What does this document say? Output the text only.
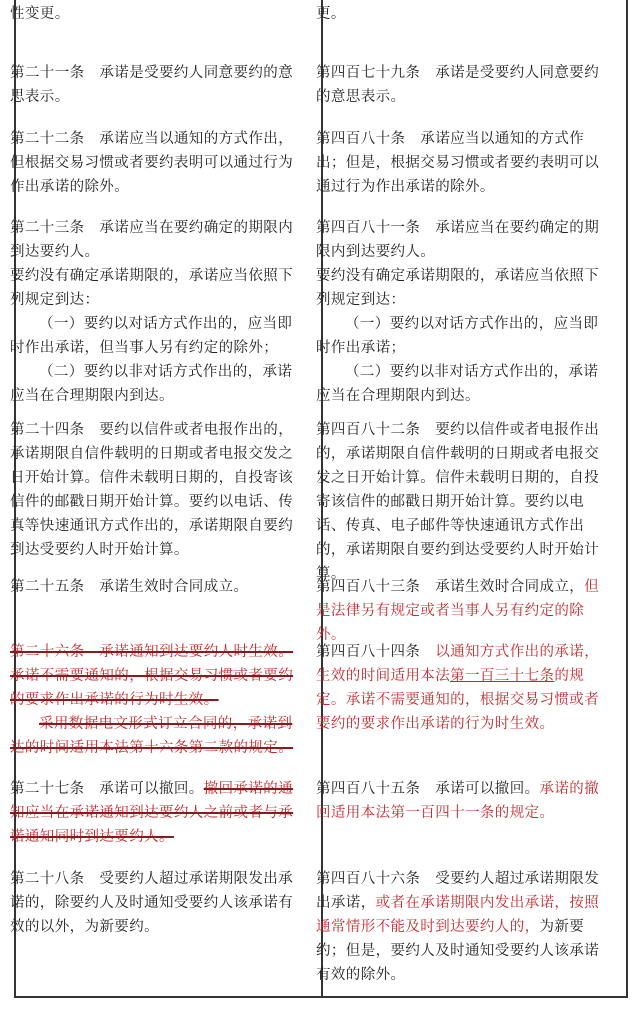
性变更。

第二十一条　承诺是受要约人同意要约的意思表示。

第二十二条　承诺应当以通知的方式作出，但根据交易习惯或者要约表明可以通过行为作出承诺的除外。

第二十三条　承诺应当在要约确定的期限内到达要约人。

要约没有确定承诺期限的，承诺应当依照下列规定到达：

（一）要约以对话方式作出的，应当即时作出承诺，但当事人另有约定的除外；

（二）要约以非对话方式作出的，承诺应当在合理期限内到达。

第二十四条　要约以信件或者电报作出的，承诺期限自信件载明的日期或者电报交发之日开始计算。信件未载明日期的，自投寄该信件的邮戳日期开始计算。要约以电话、传真等快速通讯方式作出的，承诺期限自要约到达受要约人时开始计算。

第二十五条　承诺生效时合同成立。

第二十六条　承诺通知到达要约人时生效。承诺不需要通知的，根据交易习惯或者要约的要求作出承诺的行为时生效。

采用数据电文形式订立合同的，承诺到达的时间适用本法第十六条第二款的规定。

第二十七条　承诺可以撤回。撤回承诺的通知应当在承诺通知到达要约人之前或者与承诺通知同时到达要约人。

第二十八条　受要约人超过承诺期限发出承诺的，除要约人及时通知受要约人该承诺有效的以外，为新要约。

更。

第四百七十九条　承诺是受要约人同意要约的意思表示。

第四百八十条　承诺应当以通知的方式作出；但是，根据交易习惯或者要约表明可以通过行为作出承诺的除外。

第四百八十一条　承诺应当在要约确定的期限内到达要约人。

要约没有确定承诺期限的，承诺应当依照下列规定到达：

（一）要约以对话方式作出的，应当即时作出承诺；

（二）要约以非对话方式作出的，承诺应当在合理期限内到达。

第四百八十二条　要约以信件或者电报作出的，承诺期限自信件载明的日期或者电报交发之日开始计算。信件未载明日期的，自投寄该信件的邮戳日期开始计算。要约以电话、传真、电子邮件等快速通讯方式作出的，承诺期限自要约到达受要约人时开始计算。

第四百八十三条　承诺生效时合同成立，但是法律另有规定或者当事人另有约定的除外。

第四百八十四条　以通知方式作出的承诺，生效的时间适用本法第一百三十七条的规定。承诺不需要通知的，根据交易习惯或者要约的要求作出承诺的行为时生效。

第四百八十五条　承诺可以撤回。承诺的撤回适用本法第一百四十一条的规定。

第四百八十六条　受要约人超过承诺期限发出承诺，或者在承诺期限内发出承诺，按照通常情形不能及时到达要约人的，为新要约；但是，要约人及时通知受要约人该承诺有效的除外。
